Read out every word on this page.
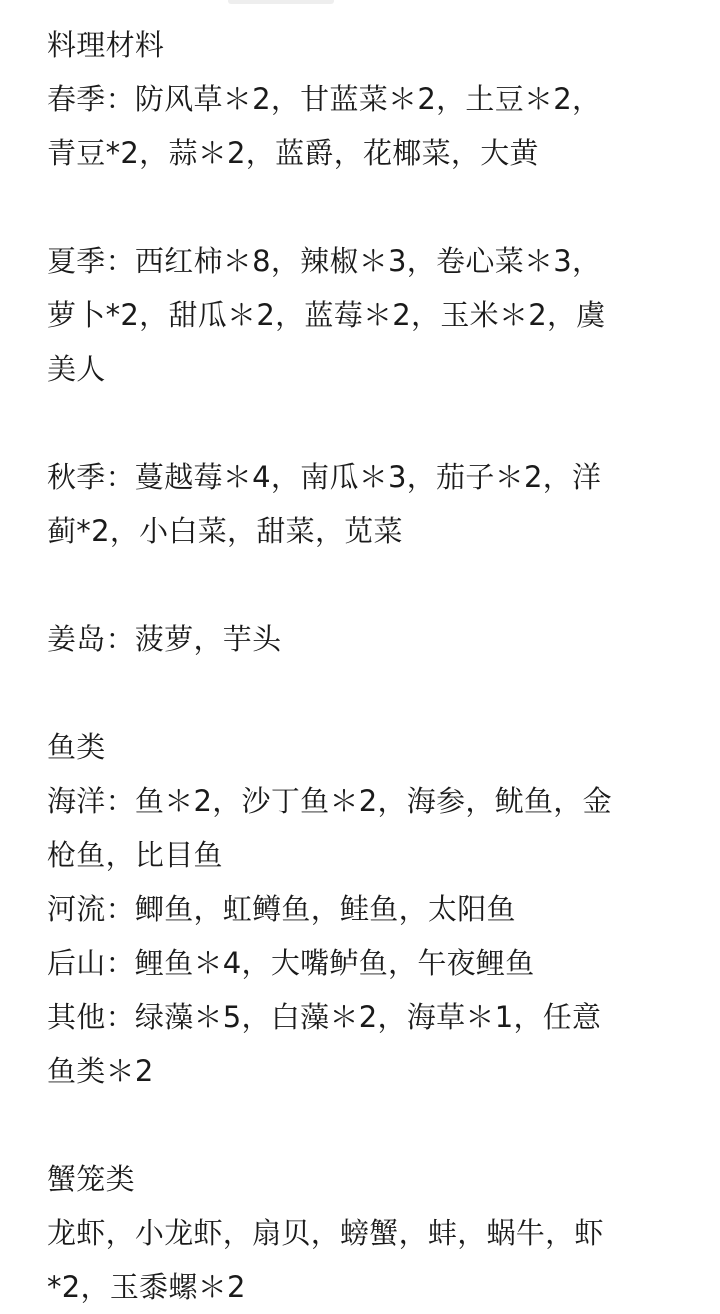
料理材料
春季：防风草＊2，甘蓝菜＊2，土豆＊2，
青豆*2，蒜＊2，蓝爵，花椰菜，大黄
夏季：西红柿＊8，辣椒＊3，卷心菜＊3，
萝卜*2，甜瓜＊2，蓝莓＊2，玉米＊2，虞
美人
秋季：蔓越莓＊4，南瓜＊3，茄子＊2，洋
蓟*2，小白菜，甜菜，苋菜
姜岛：菠萝，芋头
鱼类
海洋：鱼＊2，沙丁鱼＊2，海参，鱿鱼，金
枪鱼，比目鱼
河流：鲫鱼，虹鳟鱼，鲑鱼，太阳鱼
后山：鲤鱼＊4，大嘴鲈鱼，午夜鲤鱼
其他：绿藻＊5，白藻＊2，海草＊1，任意
鱼类＊2
蟹笼类
龙虾，小龙虾，扇贝，螃蟹，蚌，蜗牛，虾
*2，玉黍螺＊2
